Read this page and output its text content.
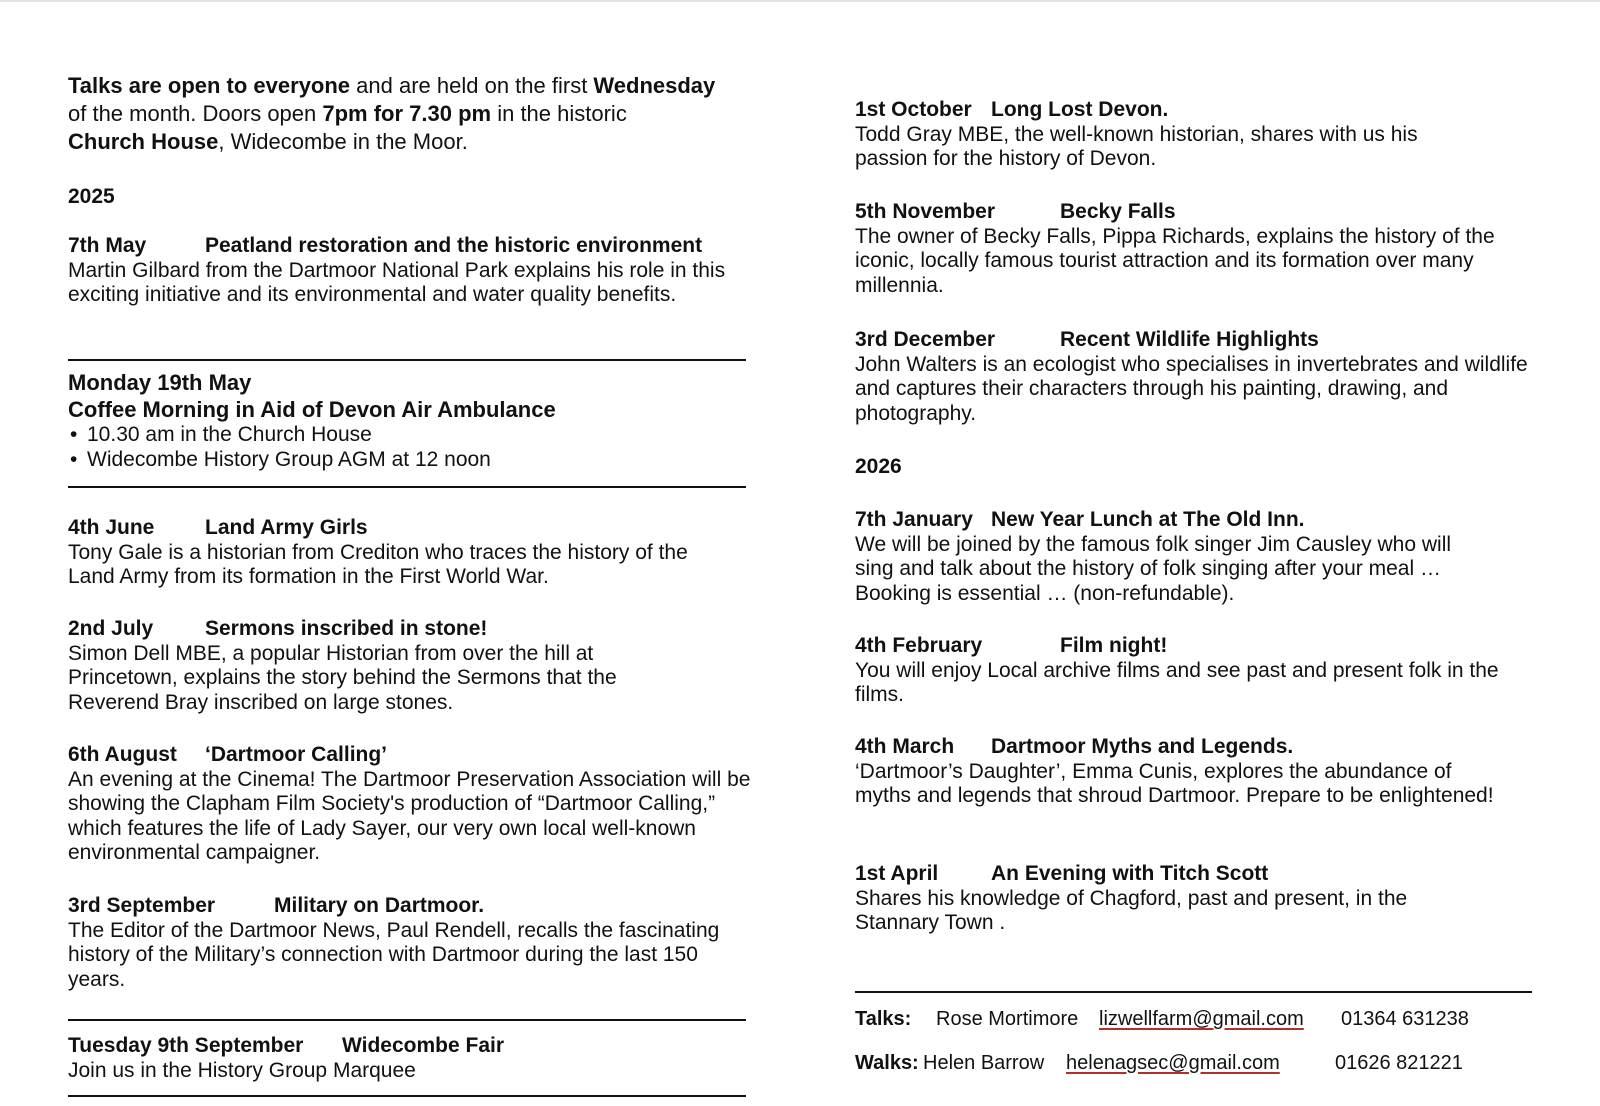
Talks are open to everyone and are held on the first Wednesday
of the month. Doors open 7pm for 7.30 pm in the historic
Church House, Widecombe in the Moor.
2025
7th May	Peatland restoration and the historic environment
Martin Gilbard from the Dartmoor National Park explains his role in this exciting initiative and its environmental and water quality benefits.
Monday 19th May
Coffee Morning in Aid of Devon Air Ambulance
• 10.30 am in the Church House
• Widecombe History Group AGM at 12 noon
4th June Land Army Girls
Tony Gale is a historian from Crediton who traces the history of the Land Army from its formation in the First World War.
2nd July Sermons inscribed in stone!
Simon Dell MBE, a popular Historian from over the hill at Princetown, explains the story behind the Sermons that the Reverend Bray inscribed on large stones.
6th August ‘Dartmoor Calling’
An evening at the Cinema! The Dartmoor Preservation Association will be showing the Clapham Film Society's production of “Dartmoor Calling,” which features the life of Lady Sayer, our very own local well-known environmental campaigner.
3rd September	Military on Dartmoor.
The Editor of the Dartmoor News, Paul Rendell, recalls the fascinating history of the Military’s connection with Dartmoor during the last 150 years.
Tuesday 9th September Widecombe Fair
Join us in the History Group Marquee
1st October Long Lost Devon.
Todd Gray MBE, the well-known historian, shares with us his passion for the history of Devon.
5th November	Becky Falls
The owner of Becky Falls, Pippa Richards, explains the history of the iconic, locally famous tourist attraction and its formation over many millennia.
3rd December	Recent Wildlife Highlights
John Walters is an ecologist who specialises in invertebrates and wildlife and captures their characters through his painting, drawing, and photography.
2026
7th January New Year Lunch at The Old Inn.
We will be joined by the famous folk singer Jim Causley who will sing and talk about the history of folk singing after your meal … Booking is essential … (non-refundable).
4th February	Film night!
You will enjoy Local archive films and see past and present folk in the films.
4th March Dartmoor Myths and Legends.
‘Dartmoor’s Daughter’, Emma Cunis, explores the abundance of myths and legends that shroud Dartmoor. Prepare to be enlightened!
1st April	An Evening with Titch Scott
Shares his knowledge of Chagford, past and present, in the Stannary Town .
Talks: Rose Mortimore lizwellfarm@gmail.com 01364 631238
Walks: Helen Barrow helenagsec@gmail.com	01626 821221
